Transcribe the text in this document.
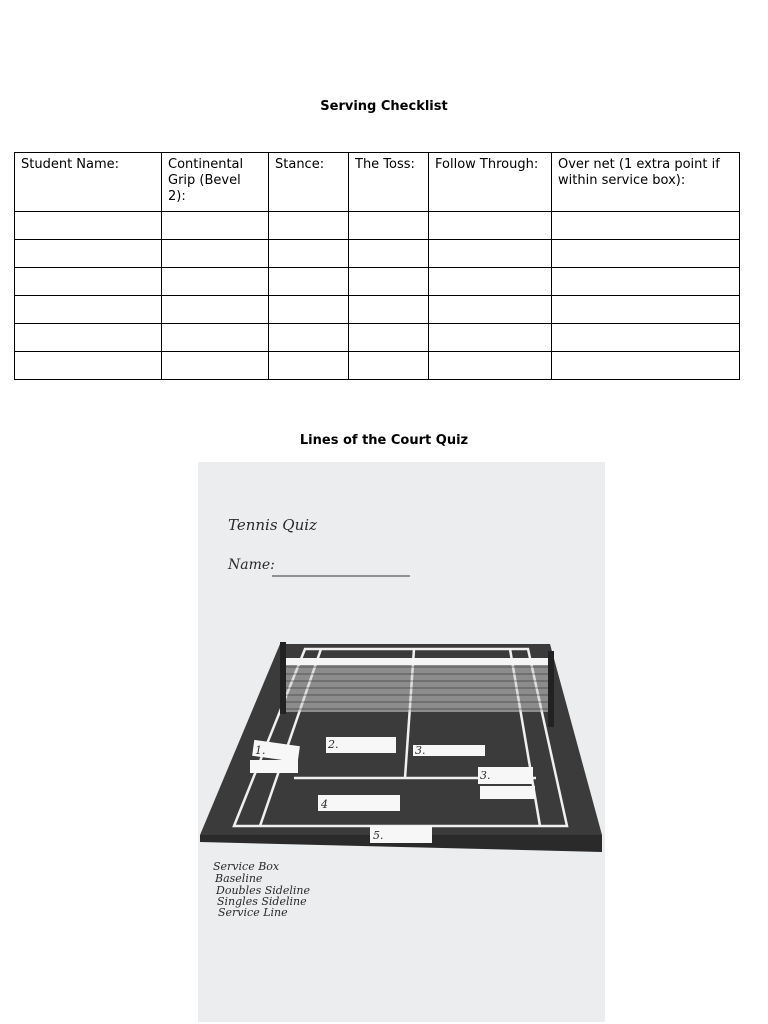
Serving Checklist
Student Name:	Continental Grip (Bevel 2):	Stance:	The Toss:	Follow Through:	Over net (1 extra point if within service box):

Lines of the Court Quiz
Tennis Quiz
Name:
1.	2.	3.
3.
4
5.
Service Box
Baseline
Doubles Sideline
Singles Sideline
Service Line
